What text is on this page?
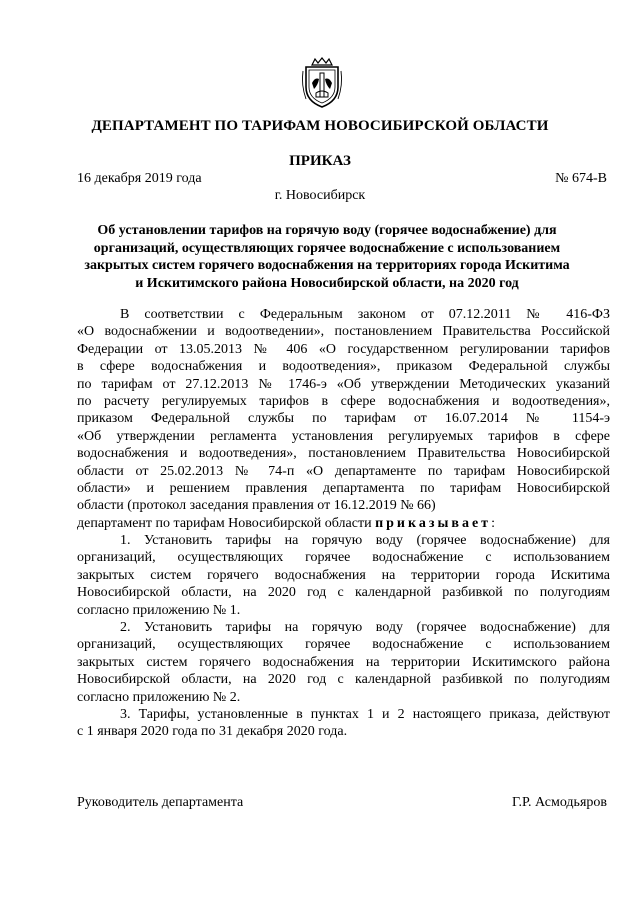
ДЕПАРТАМЕНТ ПО ТАРИФАМ НОВОСИБИРСКОЙ ОБЛАСТИ
ПРИКАЗ
16 декабря 2019 года	№ 674-В
г. Новосибирск
Об установлении тарифов на горячую воду (горячее водоснабжение) для
организаций, осуществляющих горячее водоснабжение с использованием
закрытых систем горячего водоснабжения на территориях города Искитима
и Искитимского района Новосибирской области, на 2020 год
В соответствии с Федеральным законом от 07.12.2011 № 416-ФЗ
«О водоснабжении и водоотведении», постановлением Правительства Российской
Федерации от 13.05.2013 № 406 «О государственном регулировании тарифов
в сфере водоснабжения и водоотведения», приказом Федеральной службы
по тарифам от 27.12.2013 № 1746-э «Об утверждении Методических указаний
по расчету регулируемых тарифов в сфере водоснабжения и водоотведения»,
приказом Федеральной службы по тарифам от 16.07.2014 № 1154-э
«Об утверждении регламента установления регулируемых тарифов в сфере
водоснабжения и водоотведения», постановлением Правительства Новосибирской
области от 25.02.2013 № 74-п «О департаменте по тарифам Новосибирской
области» и решением правления департамента по тарифам Новосибирской
области (протокол заседания правления от 16.12.2019 № 66)
департамент по тарифам Новосибирской области приказывает:
1. Установить тарифы на горячую воду (горячее водоснабжение) для
организаций, осуществляющих горячее водоснабжение с использованием
закрытых систем горячего водоснабжения на территории города Искитима
Новосибирской области, на 2020 год с календарной разбивкой по полугодиям
согласно приложению № 1.
2. Установить тарифы на горячую воду (горячее водоснабжение) для
организаций, осуществляющих горячее водоснабжение с использованием
закрытых систем горячего водоснабжения на территории Искитимского района
Новосибирской области, на 2020 год с календарной разбивкой по полугодиям
согласно приложению № 2.
3. Тарифы, установленные в пунктах 1 и 2 настоящего приказа, действуют
с 1 января 2020 года по 31 декабря 2020 года.
Руководитель департамента	Г.Р. Асмодьяров
